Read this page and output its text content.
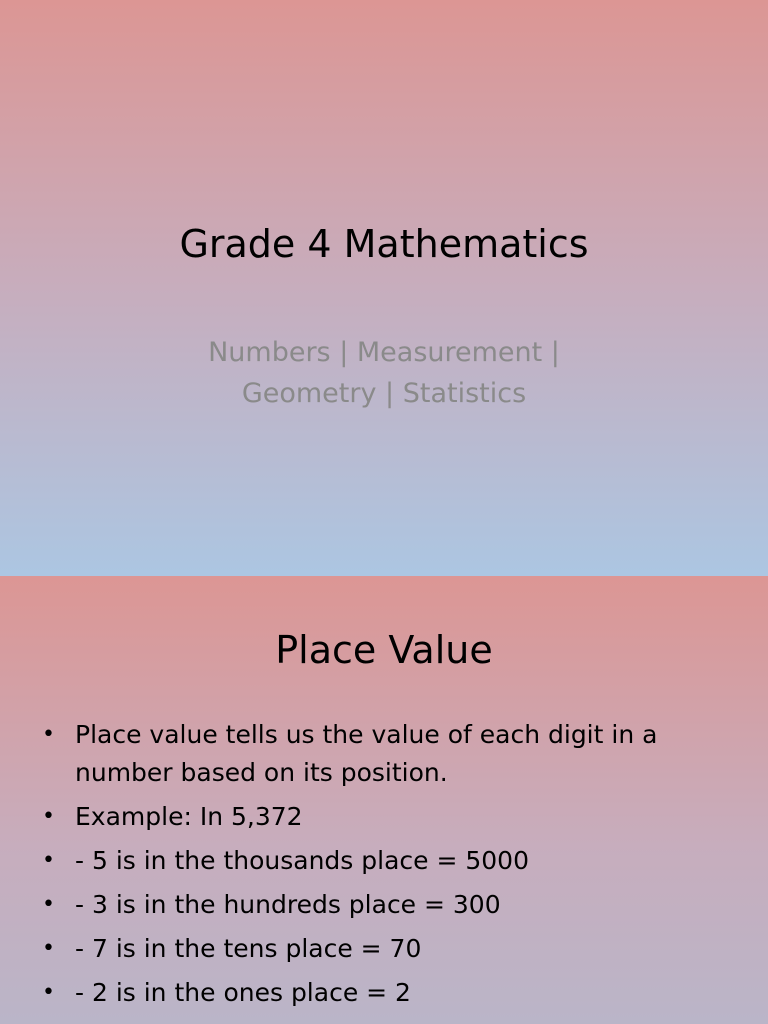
Grade 4 Mathematics
Numbers | Measurement |
Geometry | Statistics
Place Value
• Place value tells us the value of each digit in a number based on its position.
• Example: In 5,372
• - 5 is in the thousands place = 5000
• - 3 is in the hundreds place = 300
• - 7 is in the tens place = 70
• - 2 is in the ones place = 2
